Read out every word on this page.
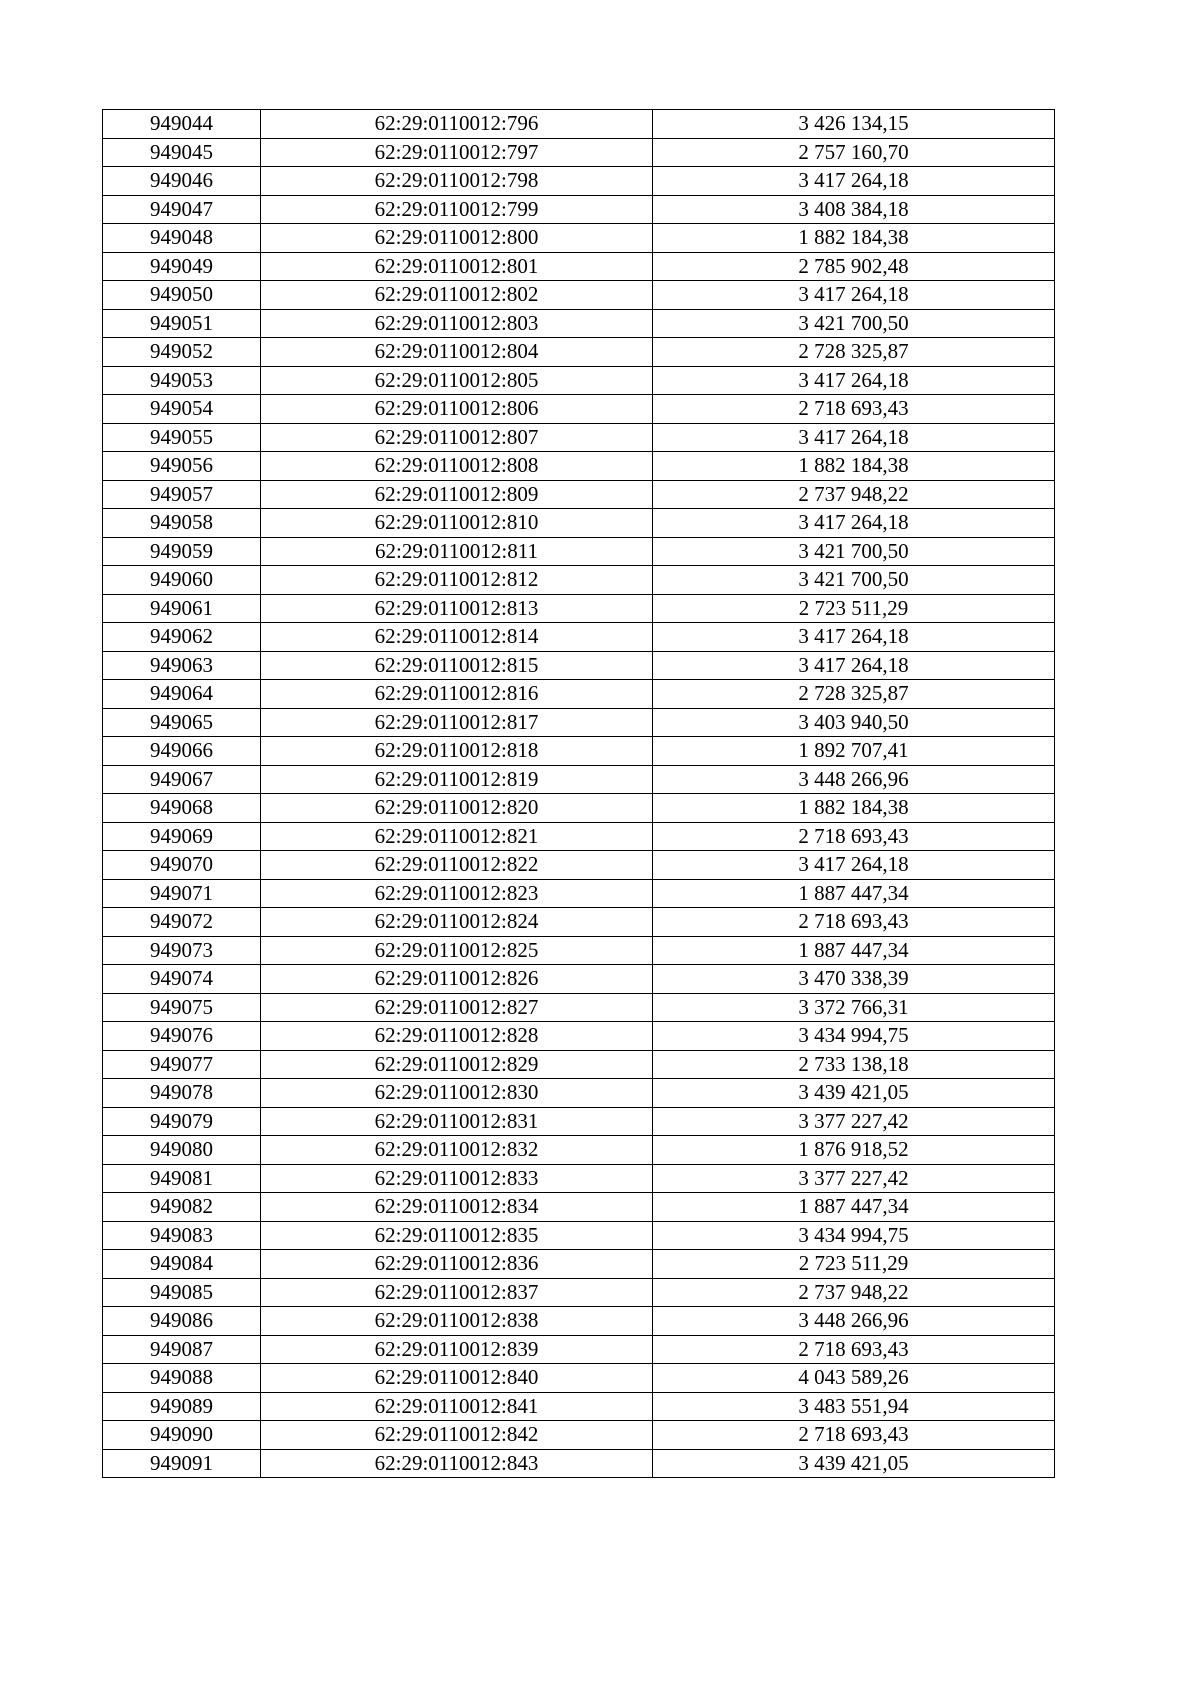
949044	62:29:0110012:796	3 426 134,15
949045	62:29:0110012:797	2 757 160,70
949046	62:29:0110012:798	3 417 264,18
949047	62:29:0110012:799	3 408 384,18
949048	62:29:0110012:800	1 882 184,38
949049	62:29:0110012:801	2 785 902,48
949050	62:29:0110012:802	3 417 264,18
949051	62:29:0110012:803	3 421 700,50
949052	62:29:0110012:804	2 728 325,87
949053	62:29:0110012:805	3 417 264,18
949054	62:29:0110012:806	2 718 693,43
949055	62:29:0110012:807	3 417 264,18
949056	62:29:0110012:808	1 882 184,38
949057	62:29:0110012:809	2 737 948,22
949058	62:29:0110012:810	3 417 264,18
949059	62:29:0110012:811	3 421 700,50
949060	62:29:0110012:812	3 421 700,50
949061	62:29:0110012:813	2 723 511,29
949062	62:29:0110012:814	3 417 264,18
949063	62:29:0110012:815	3 417 264,18
949064	62:29:0110012:816	2 728 325,87
949065	62:29:0110012:817	3 403 940,50
949066	62:29:0110012:818	1 892 707,41
949067	62:29:0110012:819	3 448 266,96
949068	62:29:0110012:820	1 882 184,38
949069	62:29:0110012:821	2 718 693,43
949070	62:29:0110012:822	3 417 264,18
949071	62:29:0110012:823	1 887 447,34
949072	62:29:0110012:824	2 718 693,43
949073	62:29:0110012:825	1 887 447,34
949074	62:29:0110012:826	3 470 338,39
949075	62:29:0110012:827	3 372 766,31
949076	62:29:0110012:828	3 434 994,75
949077	62:29:0110012:829	2 733 138,18
949078	62:29:0110012:830	3 439 421,05
949079	62:29:0110012:831	3 377 227,42
949080	62:29:0110012:832	1 876 918,52
949081	62:29:0110012:833	3 377 227,42
949082	62:29:0110012:834	1 887 447,34
949083	62:29:0110012:835	3 434 994,75
949084	62:29:0110012:836	2 723 511,29
949085	62:29:0110012:837	2 737 948,22
949086	62:29:0110012:838	3 448 266,96
949087	62:29:0110012:839	2 718 693,43
949088	62:29:0110012:840	4 043 589,26
949089	62:29:0110012:841	3 483 551,94
949090	62:29:0110012:842	2 718 693,43
949091	62:29:0110012:843	3 439 421,05
